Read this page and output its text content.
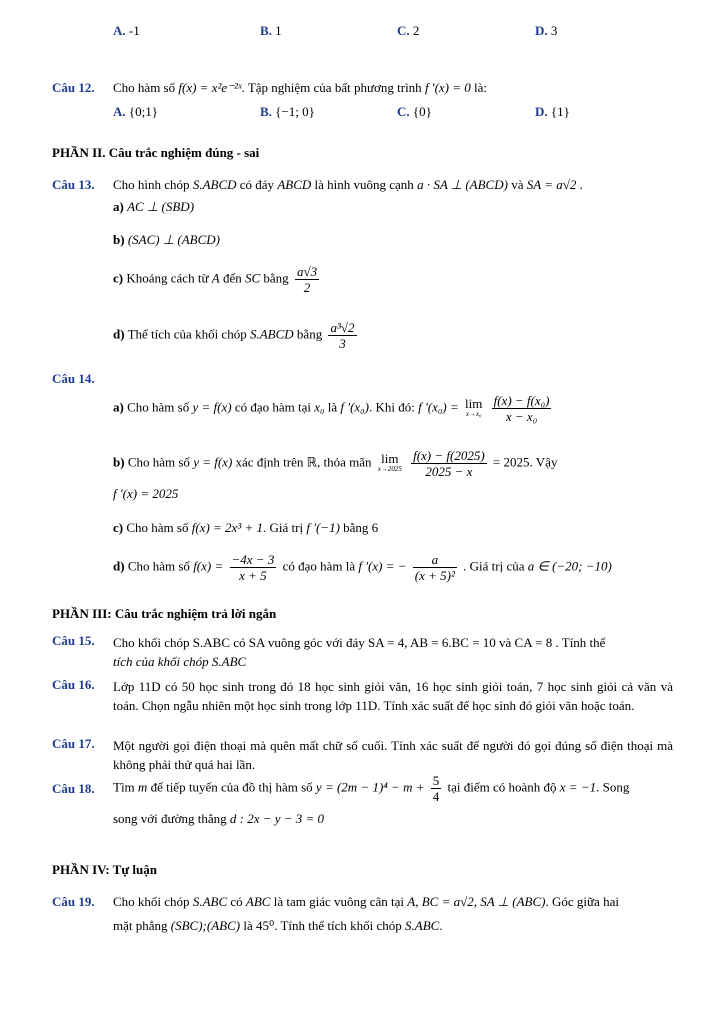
A. -1	B. 1	C. 2	D. 3
Câu 12. Cho hàm số f(x) = x²e⁻²ˣ. Tập nghiệm của bất phương trình f '(x) = 0 là:
A. {0;1}	B. {−1; 0}	C. {0}	D. {1}
PHẦN II. Câu trắc nghiệm đúng - sai
Câu 13. Cho hình chóp S.ABCD có đáy ABCD là hình vuông cạnh a · SA ⊥ (ABCD) và SA = a√2 .
a) AC ⊥ (SBD)
b) (SAC) ⊥ (ABCD)
c) Khoảng cách từ A đến SC bằng $\frac{a√3}{2}$
d) Thể tích của khối chóp S.ABCD bằng $\frac{\text{a³√2}}{3}$
Câu 14.
a) Cho hàm số y = f(x) có đạo hàm tại x₀ là f '(x₀). Khi đó: f '(x₀) = lim
x→x₀
$\frac{\text{f(x) − f(x₀)}}{\text{x − x₀}}$
b) Cho hàm số y = f(x) xác định trên ℝ, thỏa mãn lim
x→2025
$\frac{f(x) - f(2025)}{2025 - x} = 2025$. Vậy
f '(x) = 2025
c) Cho hàm số f(x) = 2x³ + 1. Giá trị f '(−1) bằng 6
d) Cho hàm số $f(x) = \frac{-4x - 3}{x + 5}$ có đạo hàm là f '(x) = − $\frac{a}{\text{(x + 5)²}}$ . Giá trị của a ∈ (−20; −10)
PHẦN III: Câu trắc nghiệm trả lời ngắn
Câu 15. Cho khối chóp S.ABC có SA vuông góc với đáy SA = 4, AB = 6.BC = 10 và CA = 8 . Tính thể
tích của khối chóp S.ABC
Câu 16. Lớp 11D có 50 học sinh trong đó 18 học sinh giỏi văn, 16 học sinh giỏi toán, 7 học sinh giỏi cả văn và toán. Chọn ngẫu nhiên một học sinh trong lớp 11D. Tính xác suất để học sinh đó giỏi văn hoặc toán.
Câu 17. Một người gọi điện thoại mà quên mất chữ số cuối. Tính xác suất để người đó gọi đúng số điện thoại mà không phải thử quá hai lần.
Câu 18. Tìm m để tiếp tuyến của đồ thị hàm số $y = (2m - 1)^4 - m + \frac{5}{4}$ tại điểm có hoành độ x = −1. Song
song với đường thẳng d : 2x − y − 3 = 0
PHẦN IV: Tự luận
Câu 19. Cho khối chóp S.ABC có ABC là tam giác vuông cân tại A, BC = a√2, SA ⊥ (ABC). Góc giữa hai
mặt phẳng (SBC);(ABC) là 45⁰. Tính thể tích khối chóp S.ABC.
